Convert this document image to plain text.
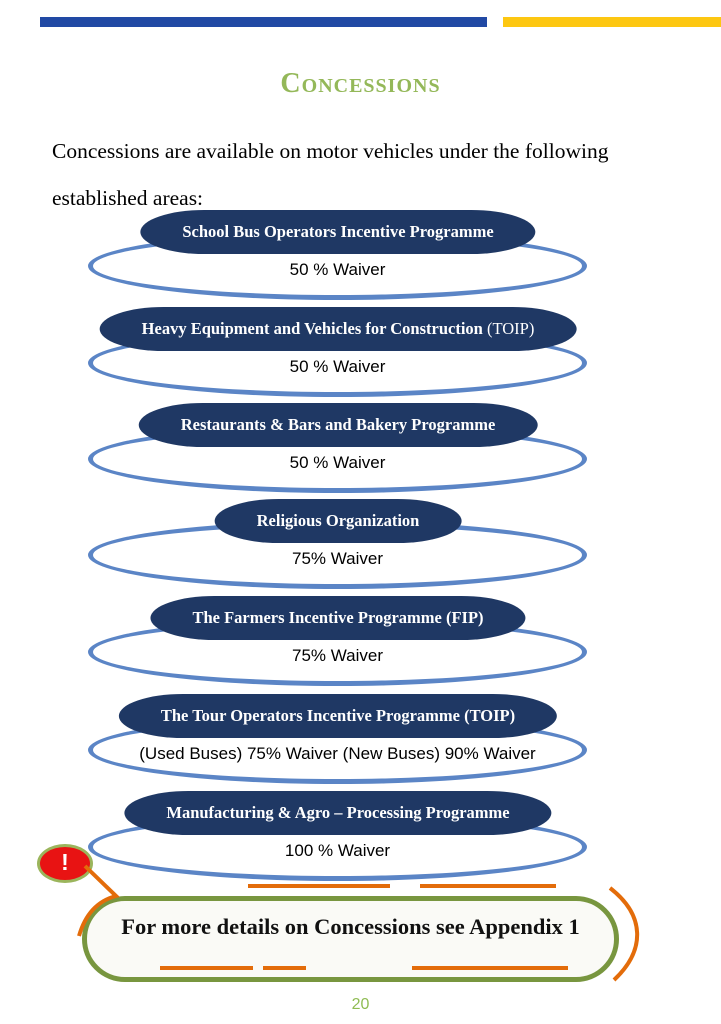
Concessions
Concessions are available on motor vehicles under the following
established areas:
School Bus Operators Incentive Programme
50 % Waiver
Heavy Equipment and Vehicles for Construction (TOIP)
50 % Waiver
Restaurants & Bars and Bakery Programme
50 % Waiver
Religious Organization
75% Waiver
The Farmers Incentive Programme (FIP)
75% Waiver
The Tour Operators Incentive Programme (TOIP)
(Used Buses) 75% Waiver (New Buses) 90% Waiver
Manufacturing & Agro – Processing Programme
100 % Waiver
For more details on Concessions see Appendix 1
!
20
